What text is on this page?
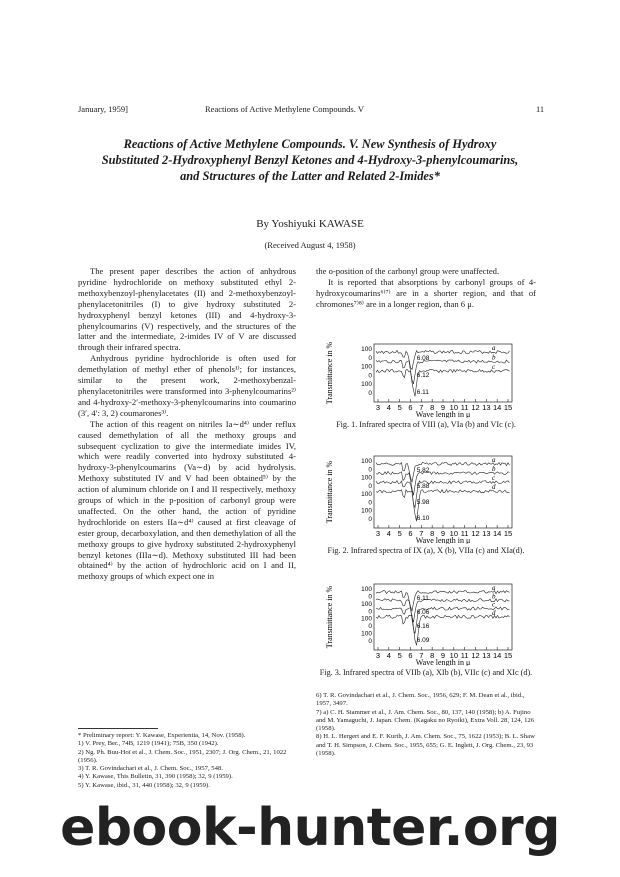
January, 1959]	Reactions of Active Methylene Compounds. V	11
Reactions of Active Methylene Compounds. V. New Synthesis of Hydroxy Substituted 2-Hydroxyphenyl Benzyl Ketones and 4-Hydroxy-3-phenylcoumarins, and Structures of the Latter and Related 2-Imides*
By Yoshiyuki KAWASE
(Received August 4, 1958)

The present paper describes the action of anhydrous pyridine hydrochloride on methoxy substituted ethyl 2-methoxybenzoyl-phenylacetates (II) and 2-methoxybenzoyl-phenylacetonitriles (I) to give hydroxy substituted 2-hydroxyphenyl benzyl ketones (III) and 4-hydroxy-3-phenylcoumarins (V) respectively, and the structures of the latter and the intermediate, 2-imides IV of V are discussed through their infrared spectra.

Anhydrous pyridine hydrochloride is often used for demethylation of methyl ether of phenols¹⁾; for instances, similar to the present work, 2-methoxybenzal-phenylacetonitriles were transformed into 3-phenylcoumarins²⁾ and 4-hydroxy-2′-methoxy-3-phenylcoumarins into coumarino (3′, 4′: 3, 2) coumarones³⁾.

The action of this reagent on nitriles Ia∼d⁴⁾ under reflux caused demethylation of all the methoxy groups and subsequent cyclization to give the intermediate imides IV, which were readily converted into hydroxy substituted 4-hydroxy-3-phenylcoumarins (Va∼d) by acid hydrolysis. Methoxy substituted IV and V had been obtained⁵⁾ by the action of aluminum chloride on I and II respectively, methoxy groups of which in the p-position of carbonyl group were unaffected. On the other hand, the action of pyridine hydrochloride on esters IIa∼d⁴⁾ caused at first cleavage of ester group, decarboxylation, and then demethylation of all the methoxy groups to give hydroxy substituted 2-hydroxyphenyl benzyl ketones (IIIa∼d). Methoxy substituted III had been obtained⁴⁾ by the action of hydrochloric acid on I and II, methoxy groups of which expect one in

the o-position of the carbonyl group were unaffected.

It is reported that absorptions by carbonyl groups of 4-hydroxycoumarins⁶⁾⁷⁾ are in a shorter region, and that of chromones⁷⁾⁸⁾ are in a longer region, than 6 μ.

3 4 5 6 7 8 9 10 11 12 13 14 15
Wave length in μ
Transmittance in %	a
b
c
100
0
100
0
100
0
6.08
6.12
6.11
Fig. 1. Infrared spectra of VIII (a), VIa (b) and VIc (c).
3 4 5 6 7 8 9 10 11 12 13 14 15
Wave length in μ
Transmittance in %
a
b
c
d
100
0
100
0
100
0
100
0
5.82
5.88
5.98
6.10
Fig. 2. Infrared spectra of IX (a), X (b), VIIa (c) and XIa(d).
3 4 5 6 7 8 9 10 11 12 13 14 15
Wave length in μ
Transmittance in %	a
b
c
d
100
0
100
0
100
0
100
0
6.11
6.06
6.16
6.09
Fig. 3. Infrared spectra of VIIb (a), XIb (b), VIIc (c) and XIc (d).
* Preliminary report: Y. Kawase, Experientia, 14, Nov. (1958).
1) V. Prey, Ber., 74B, 1219 (1941); 75B, 350 (1942).
2) Ng. Ph. Buu-Hoï et al., J. Chem. Soc., 1951, 2307; J. Org. Chem., 21, 1022 (1956).
3) T. R. Govindachari et al., J. Chem. Soc., 1957, 548.
4) Y. Kawase, This Bulletin, 31, 390 (1958); 32, 9 (1959).
5) Y. Kawase, ibid., 31, 440 (1958); 32, 9 (1959).
6) T. R. Govindachari et al., J. Chem. Soc., 1956, 629; F. M. Dean et al., ibid., 1957, 3497.
7) a) C. H. Stammer et al., J. Am. Chem. Soc., 80, 137, 140 (1958); b) A. Fujino and M. Yamaguchi, J. Japan. Chem. (Kagaku no Ryoiki), Extra Voll. 28, 124, 126 (1958).
8) H. L. Hergert and E. F. Kurth, J. Am. Chem. Soc., 75, 1622 (1953); B. L. Shaw and T. H. Simpson, J. Chem. Soc., 1955, 655; G. E. Inglett, J. Org. Chem., 23, 93 (1958).
ebook-hunter.org
